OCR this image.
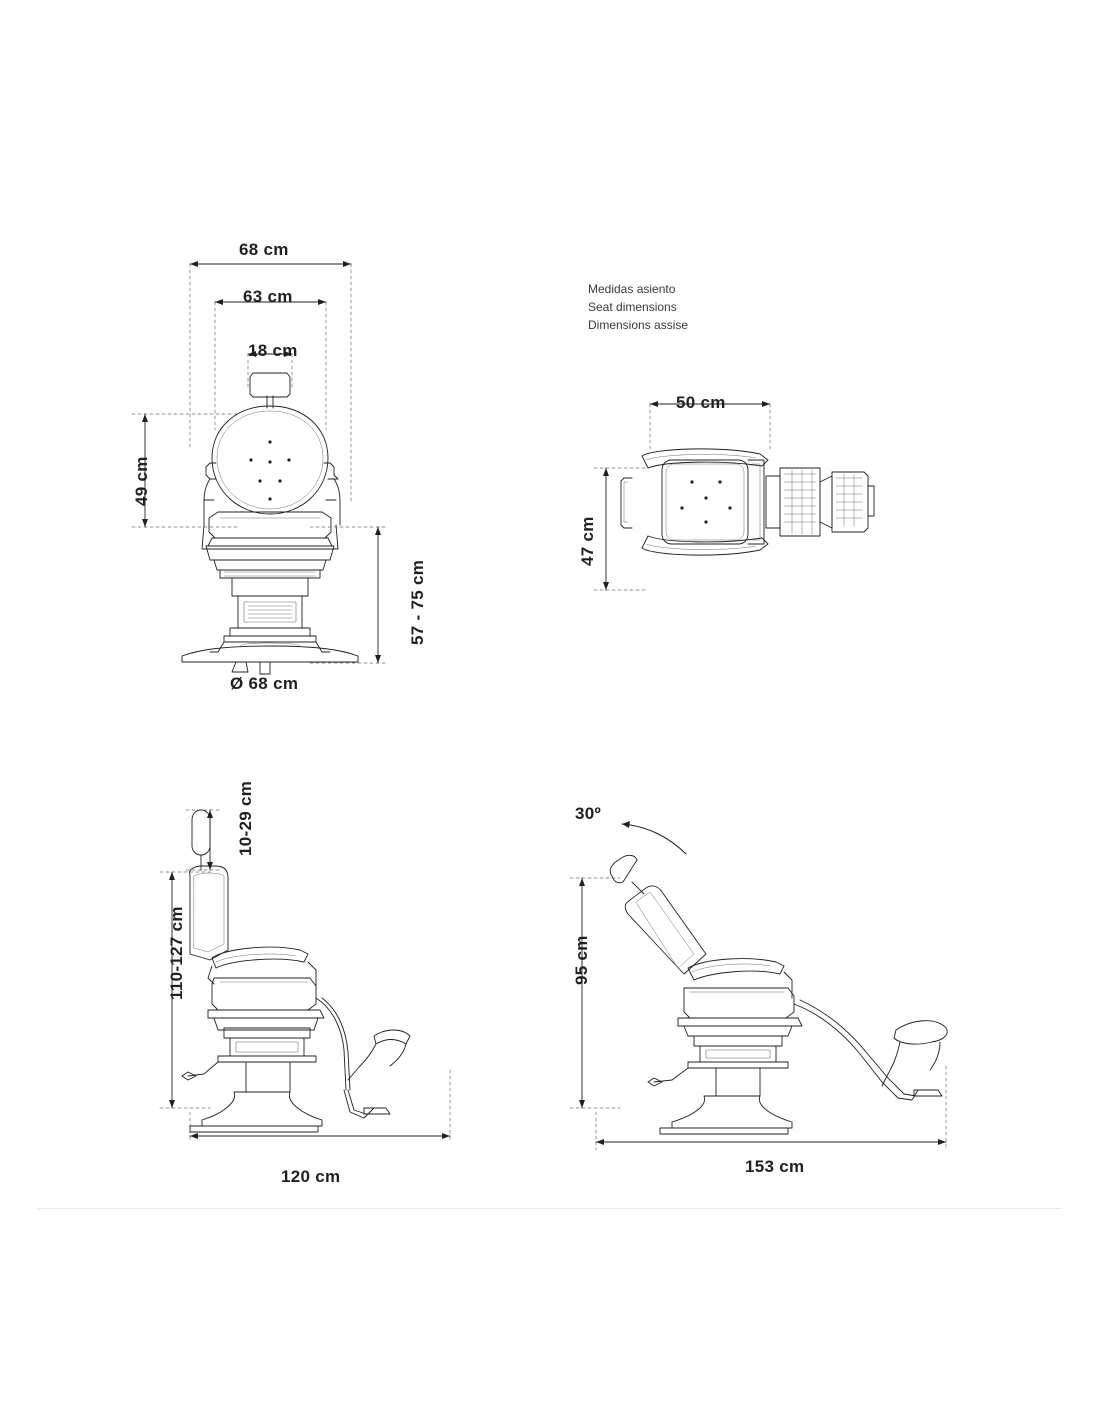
Medidas asiento
Seat dimensions
Dimensions assise
68 cm
63 cm
18 cm
49 cm
57 - 75 cm
Ø 68 cm
50 cm
47 cm
10-29 cm
110-127 cm
120 cm
30º
95 cm
153 cm
